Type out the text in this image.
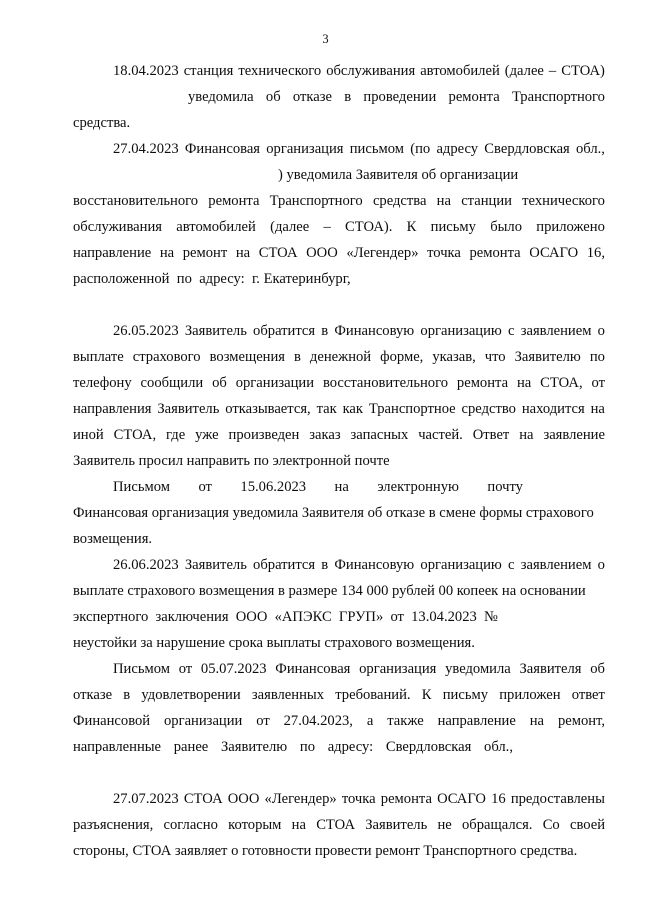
3
18.04.2023 станция технического обслуживания автомобилей (далее – СТОА)
уведомила об отказе в проведении ремонта Транспортного
средства.
27.04.2023 Финансовая организация письмом (по адресу Свердловская обл.,
) уведомила Заявителя об организации
восстановительного ремонта Транспортного средства на станции технического
обслуживания автомобилей (далее – СТОА). К письму было приложено
направление на ремонт на СТОА ООО «Легендер» точка ремонта ОСАГО 16,
расположенной по адресу: г. Екатеринбург,
26.05.2023 Заявитель обратится в Финансовую организацию с заявлением о
выплате страхового возмещения в денежной форме, указав, что Заявителю по
телефону сообщили об организации восстановительного ремонта на СТОА, от
направления Заявитель отказывается, так как Транспортное средство находится на
иной СТОА, где уже произведен заказ запасных частей. Ответ на заявление
Заявитель просил направить по электронной почте
Письмом от 15.06.2023 на электронную почту
Финансовая организация уведомила Заявителя об отказе в смене формы страхового
возмещения.
26.06.2023 Заявитель обратится в Финансовую организацию с заявлением о
выплате страхового возмещения в размере 134 000 рублей 00 копеек на основании
экспертного заключения ООО «АПЭКС ГРУП» от 13.04.2023 №
неустойки за нарушение срока выплаты страхового возмещения.
Письмом от 05.07.2023 Финансовая организация уведомила Заявителя об
отказе в удовлетворении заявленных требований. К письму приложен ответ
Финансовой организации от 27.04.2023, а также направление на ремонт,
направленные ранее Заявителю по адресу: Свердловская обл.,
27.07.2023 СТОА ООО «Легендер» точка ремонта ОСАГО 16 предоставлены
разъяснения, согласно которым на СТОА Заявитель не обращался. Со своей
стороны, СТОА заявляет о готовности провести ремонт Транспортного средства.
